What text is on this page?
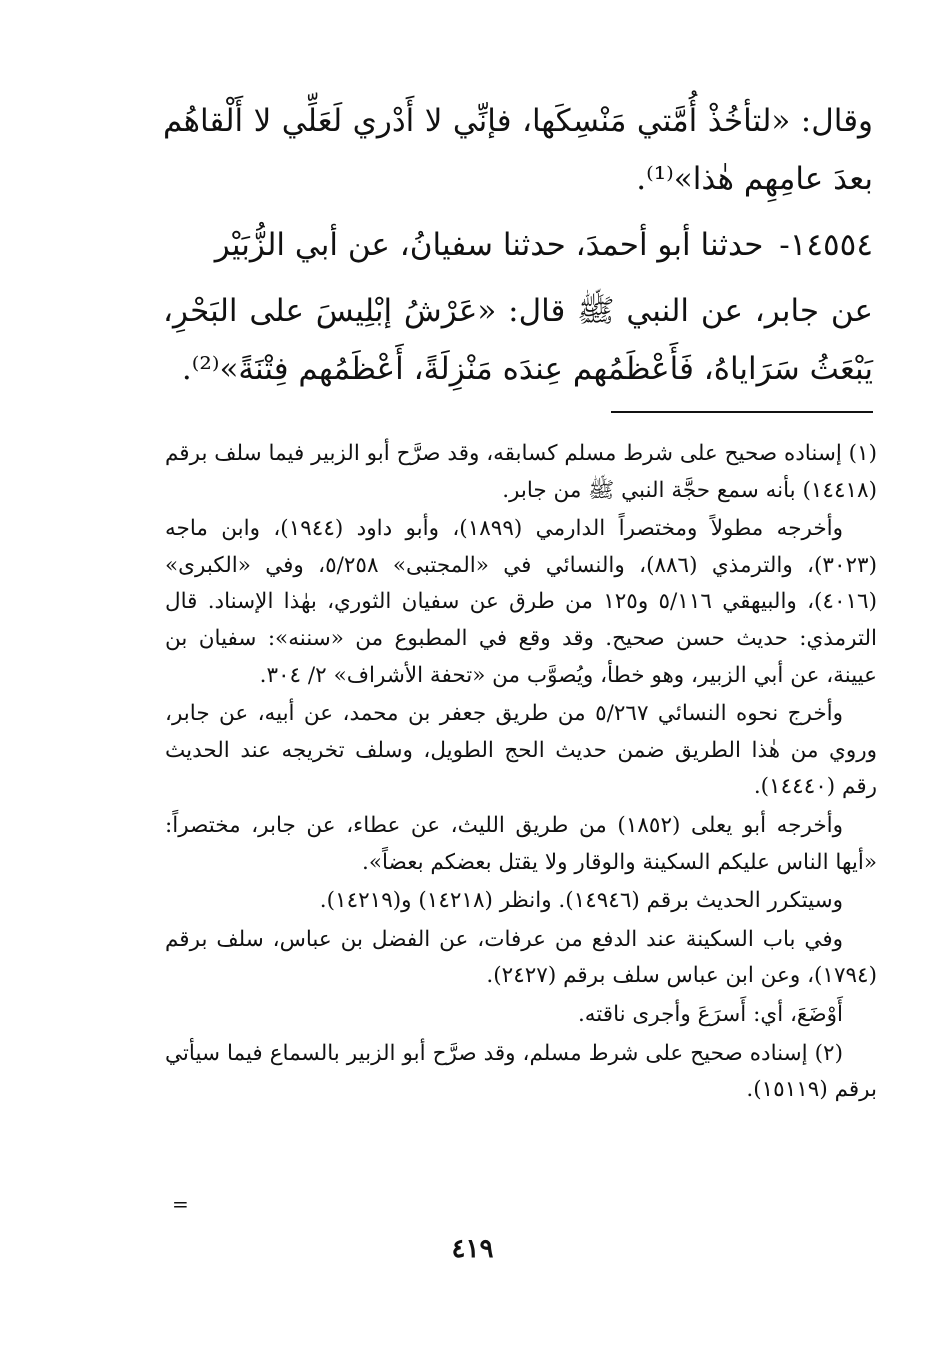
وقال: «لتأخُذْ أُمَّتي مَنْسِكَها، فإنِّي لا أَدْري لَعَلِّي لا أَلْقاهُم بعدَ عامِهِم هٰذا»⁽¹⁾.

١٤٥٥٤- حدثنا أبو أحمدَ، حدثنا سفيانُ، عن أبي الزُّبَيْر

عن جابر، عن النبي ﷺ قال: «عَرْشُ إبْلِيسَ على البَحْرِ، يَبْعَثُ سَرَاياهُ، فَأَعْظَمُهم عِندَه مَنْزِلَةً، أَعْظَمُهم فِتْنَةً»⁽²⁾.

(١) إسناده صحيح على شرط مسلم كسابقه، وقد صرَّح أبو الزبير فيما سلف برقم (١٤٤١٨) بأنه سمع حجَّة النبي ﷺ من جابر.

وأخرجه مطولاً ومختصراً الدارمي (١٨٩٩)، وأبو داود (١٩٤٤)، وابن ماجه (٣٠٢٣)، والترمذي (٨٨٦)، والنسائي في «المجتبى» ٥/٢٥٨، وفي «الكبرى» (٤٠١٦)، والبيهقي ٥/١١٦ و١٢٥ من طرق عن سفيان الثوري، بهٰذا الإسناد. قال الترمذي: حديث حسن صحيح. وقد وقع في المطبوع من «سننه»: سفيان بن عيينة، عن أبي الزبير، وهو خطأ، ويُصوَّب من «تحفة الأشراف» ٢/ ٣٠٤.

وأخرج نحوه النسائي ٥/٢٦٧ من طريق جعفر بن محمد، عن أبيه، عن جابر، وروي من هٰذا الطريق ضمن حديث الحج الطويل، وسلف تخريجه عند الحديث رقم (١٤٤٤٠).

وأخرجه أبو يعلى (١٨٥٢) من طريق الليث، عن عطاء، عن جابر، مختصراً: «أيها الناس عليكم السكينة والوقار ولا يقتل بعضكم بعضاً».

وسيتكرر الحديث برقم (١٤٩٤٦). وانظر (١٤٢١٨) و(١٤٢١٩).

وفي باب السكينة عند الدفع من عرفات، عن الفضل بن عباس، سلف برقم (١٧٩٤)، وعن ابن عباس سلف برقم (٢٤٢٧).

أَوْضَعَ، أي: أَسرَعَ وأجرى ناقته.

(٢) إسناده صحيح على شرط مسلم، وقد صرَّح أبو الزبير بالسماع فيما سيأتي برقم (١٥١١٩).

=
٤١٩
